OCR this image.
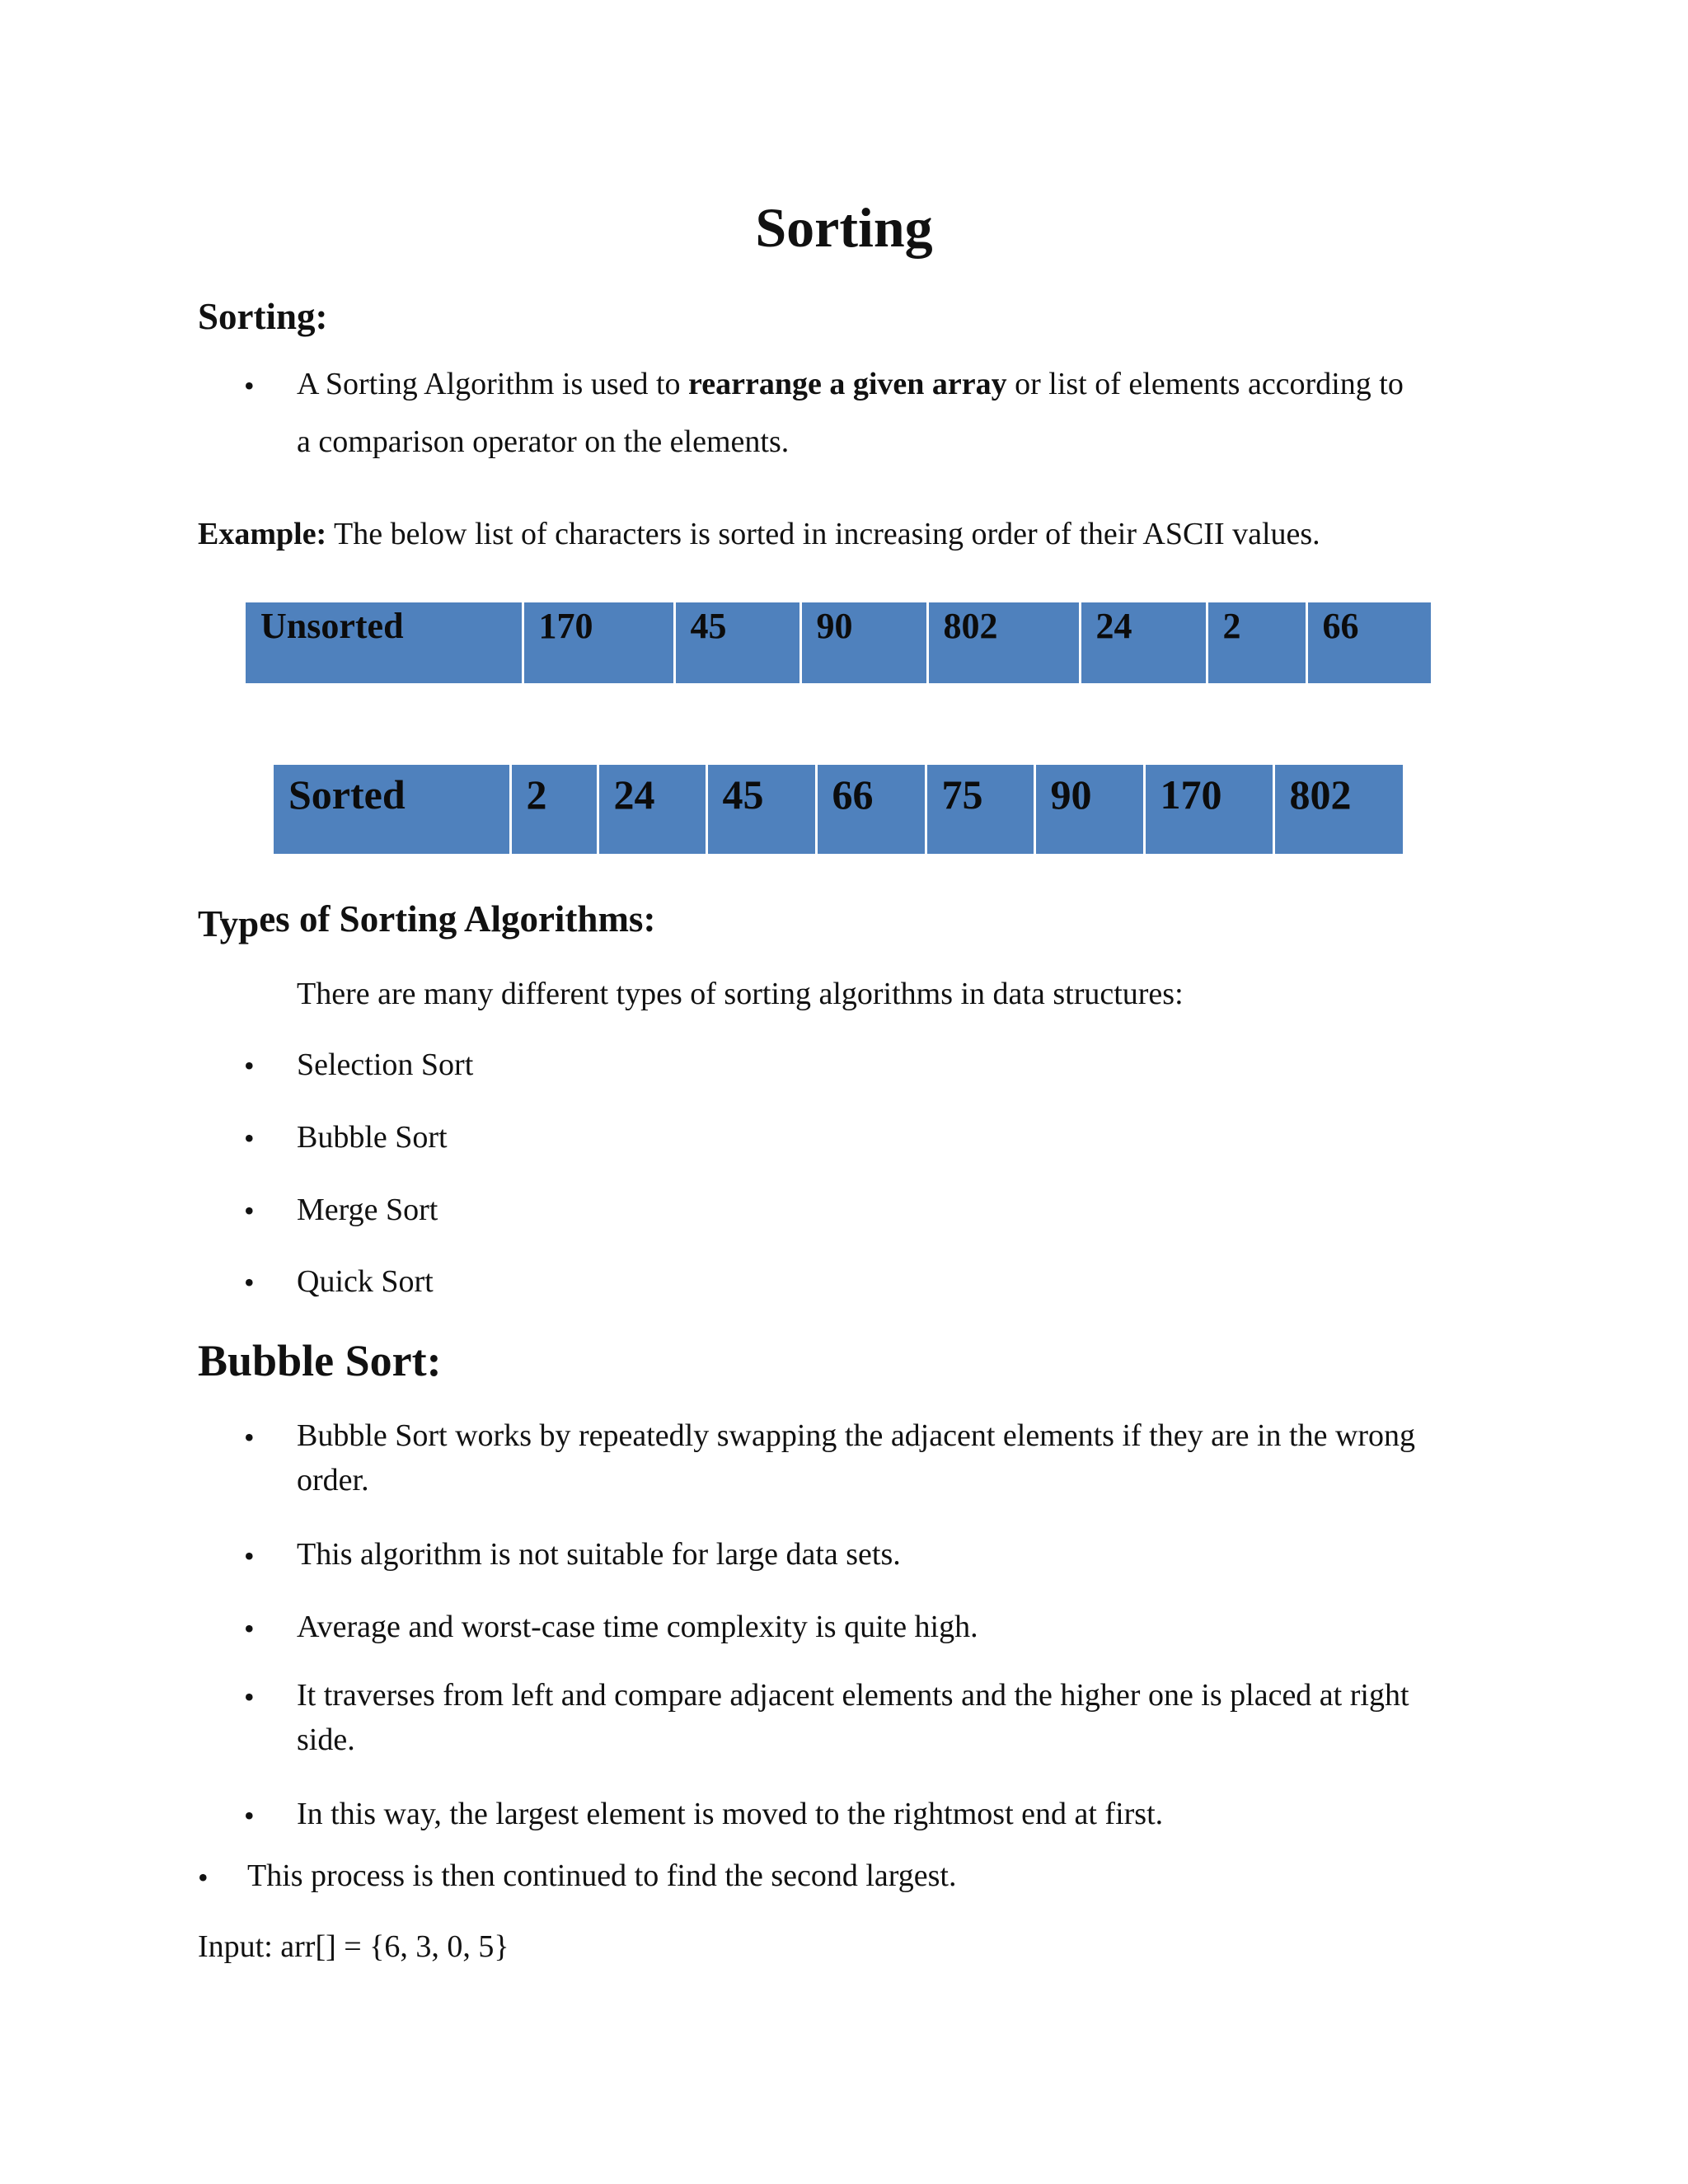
Sorting
Sorting:
• A Sorting Algorithm is used to rearrange a given array or list of elements according to
a comparison operator on the elements.
Example: The below list of characters is sorted in increasing order of their ASCII values.
Unsorted	170	45	90	802	24	2	66
Sorted	2	24	45	66	75	90	170	802
Types of Sorting Algorithms:
There are many different types of sorting algorithms in data structures:
• Selection Sort
• Bubble Sort
• Merge Sort
• Quick Sort
Bubble Sort:
• Bubble Sort works by repeatedly swapping the adjacent elements if they are in the wrong
order.
• This algorithm is not suitable for large data sets.
• Average and worst-case time complexity is quite high.
• It traverses from left and compare adjacent elements and the higher one is placed at right
side.
• In this way, the largest element is moved to the rightmost end at first.
• This process is then continued to find the second largest.
Input: arr[] = {6, 3, 0, 5}
